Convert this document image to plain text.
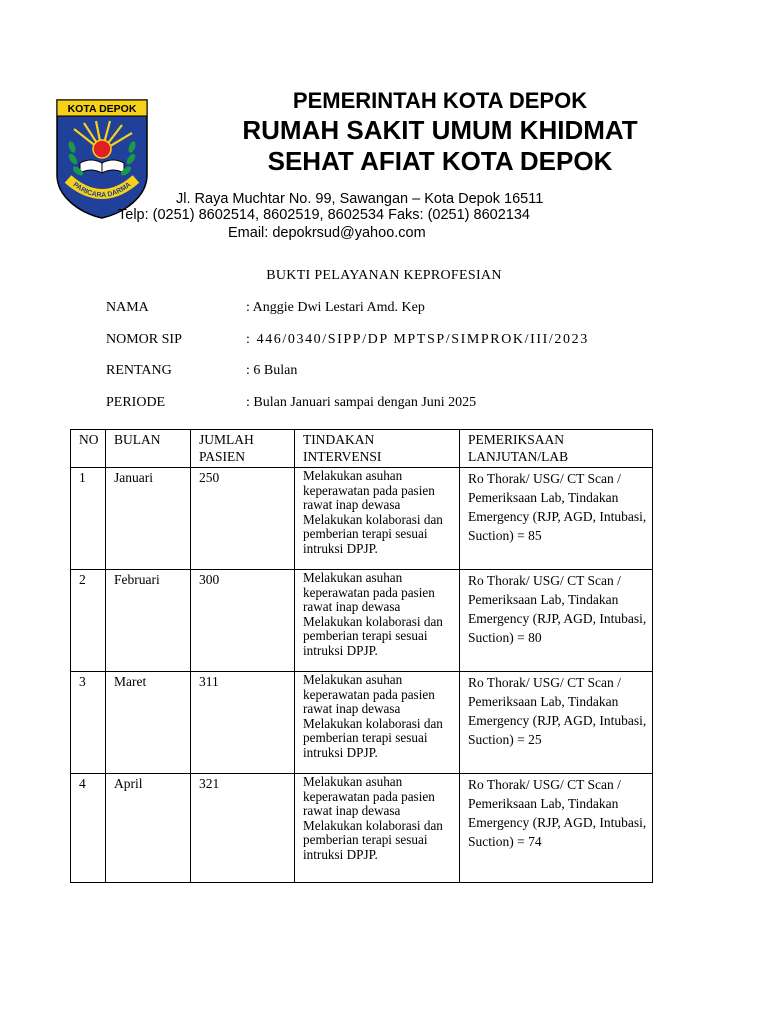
KOTA DEPOK
PARICARA DARMA
PEMERINTAH KOTA DEPOK
RUMAH SAKIT UMUM KHIDMAT
SEHAT AFIAT KOTA DEPOK
Jl. Raya Muchtar No. 99, Sawangan – Kota Depok 16511
Telp: (0251) 8602514, 8602519, 8602534 Faks: (0251) 8602134
Email: depokrsud@yahoo.com
BUKTI PELAYANAN KEPROFESIAN
NAMA	: Anggie Dwi Lestari Amd. Kep
NOMOR SIP	: 446/0340/SIPP/DP MPTSP/SIMPROK/III/2023
RENTANG	: 6 Bulan
PERIODE	: Bulan Januari sampai dengan Juni 2025
NO	BULAN	JUMLAH PASIEN	TINDAKAN INTERVENSI	PEMERIKSAAN LANJUTAN/LAB
1	Januari	250	Melakukan asuhan keperawatan pada pasien rawat inap dewasa Melakukan kolaborasi dan pemberian terapi sesuai intruksi DPJP.	Ro Thorak/ USG/ CT Scan / Pemeriksaan Lab, Tindakan Emergency (RJP, AGD, Intubasi, Suction) = 85
2	Februari	300	Melakukan asuhan keperawatan pada pasien rawat inap dewasa Melakukan kolaborasi dan pemberian terapi sesuai intruksi DPJP.	Ro Thorak/ USG/ CT Scan / Pemeriksaan Lab, Tindakan Emergency (RJP, AGD, Intubasi, Suction) = 80
3	Maret	311	Melakukan asuhan keperawatan pada pasien rawat inap dewasa Melakukan kolaborasi dan pemberian terapi sesuai intruksi DPJP.	Ro Thorak/ USG/ CT Scan / Pemeriksaan Lab, Tindakan Emergency (RJP, AGD, Intubasi, Suction) = 25
4	April	321	Melakukan asuhan keperawatan pada pasien rawat inap dewasa Melakukan kolaborasi dan pemberian terapi sesuai intruksi DPJP.	Ro Thorak/ USG/ CT Scan / Pemeriksaan Lab, Tindakan Emergency (RJP, AGD, Intubasi, Suction) = 74
